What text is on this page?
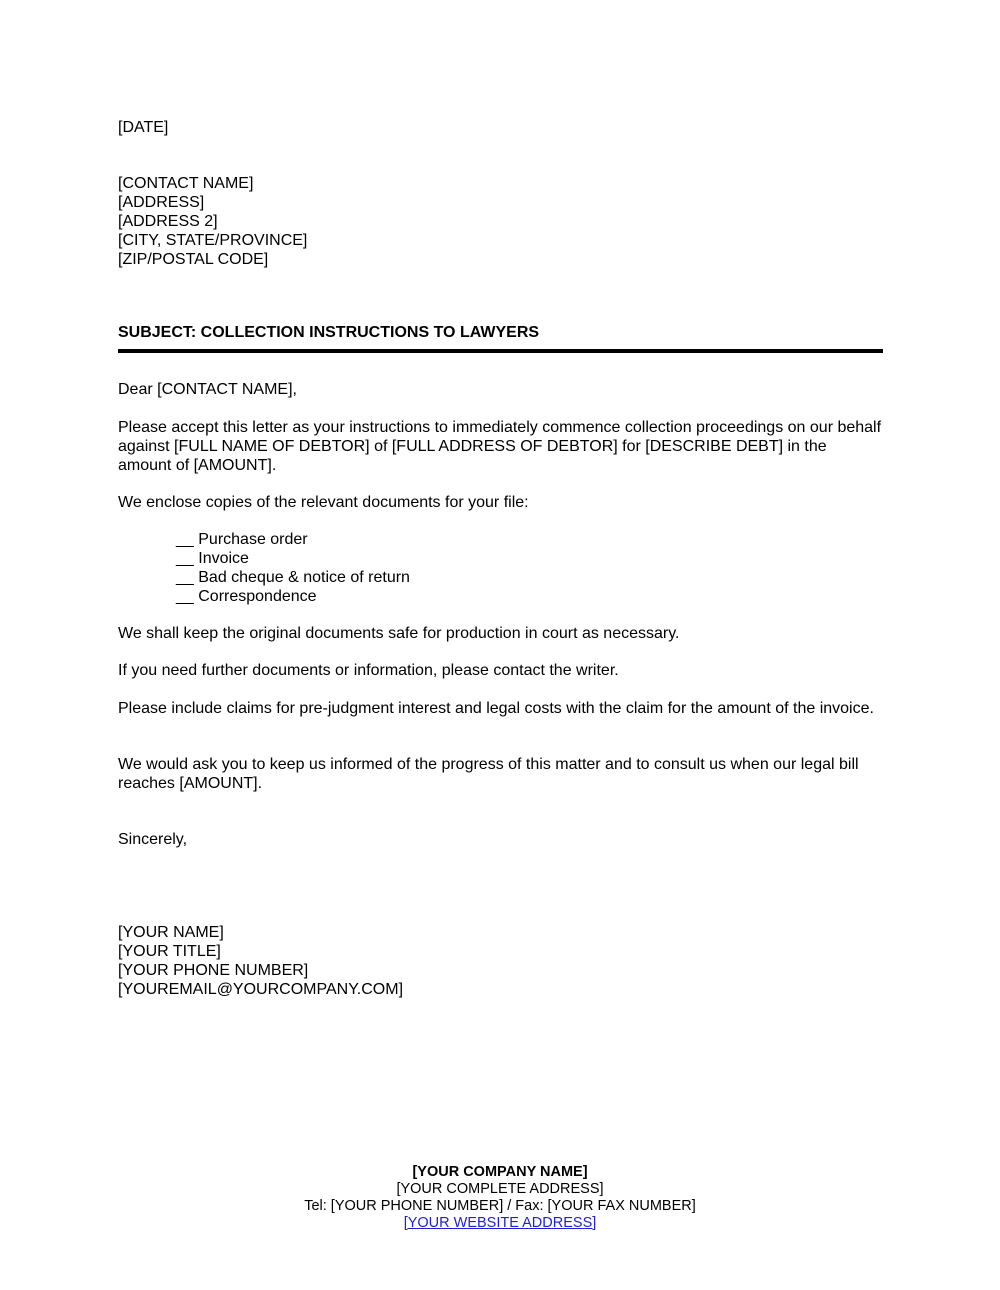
[DATE]
[CONTACT NAME]
[ADDRESS]
[ADDRESS 2]
[CITY, STATE/PROVINCE]
[ZIP/POSTAL CODE]
SUBJECT: COLLECTION INSTRUCTIONS TO LAWYERS
Dear [CONTACT NAME],
Please accept this letter as your instructions to immediately commence collection proceedings on our behalf against [FULL NAME OF DEBTOR] of [FULL ADDRESS OF DEBTOR] for [DESCRIBE DEBT] in the amount of [AMOUNT].
We enclose copies of the relevant documents for your file:
__ Purchase order
__ Invoice
__ Bad cheque & notice of return
__ Correspondence
We shall keep the original documents safe for production in court as necessary.
If you need further documents or information, please contact the writer.
Please include claims for pre-judgment interest and legal costs with the claim for the amount of the invoice.
We would ask you to keep us informed of the progress of this matter and to consult us when our legal bill reaches [AMOUNT].
Sincerely,
[YOUR NAME]
[YOUR TITLE]
[YOUR PHONE NUMBER]
[YOUREMAIL@YOURCOMPANY.COM]
[YOUR COMPANY NAME]
[YOUR COMPLETE ADDRESS]
Tel: [YOUR PHONE NUMBER] / Fax: [YOUR FAX NUMBER]
[YOUR WEBSITE ADDRESS]
